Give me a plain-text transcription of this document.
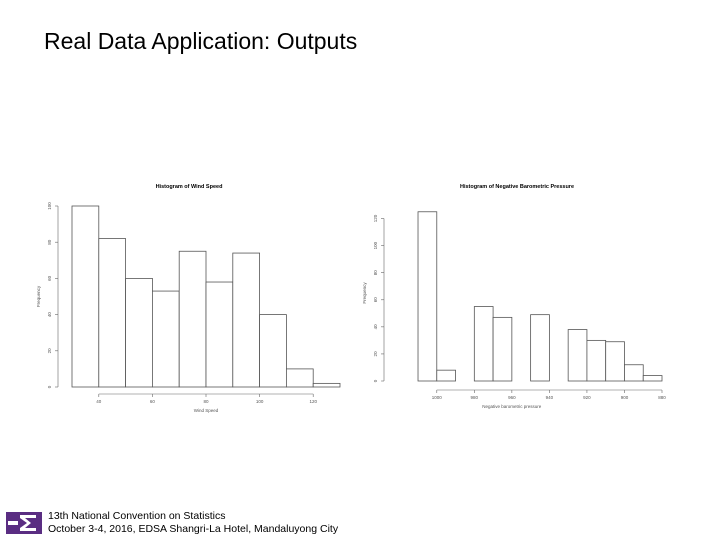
Real Data Application: Outputs
Histogram of Wind Speed
0
20
40
60
80
100
Frequency
40	60	80	100	120
Wind Speed
Histogram of Negative Barometric Pressure
0
20
40
60
80
100
120
Frequency
1000	980	960	940	920	900	880
Negative barometric pressure
13th National Convention on Statistics
October 3-4, 2016, EDSA Shangri-La Hotel, Mandaluyong City
